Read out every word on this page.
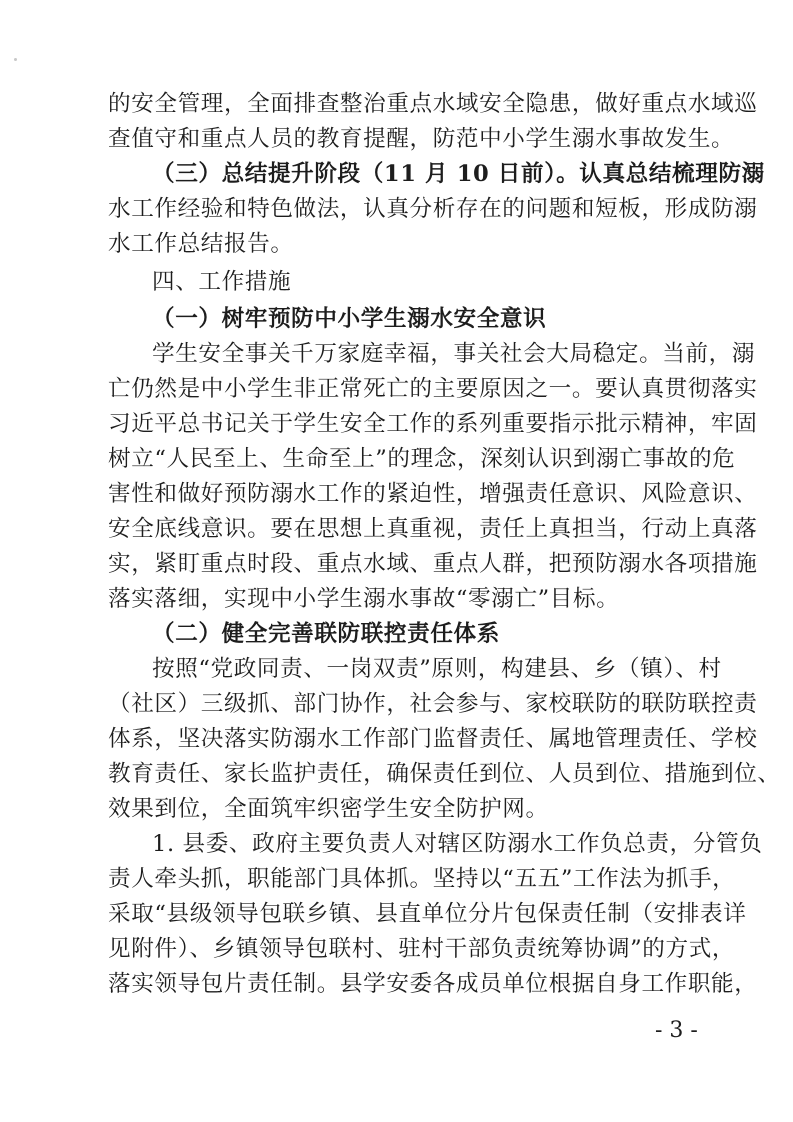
的安全管理，全面排查整治重点水域安全隐患，做好重点水域巡
查值守和重点人员的教育提醒，防范中小学生溺水事故发生。
（三）总结提升阶段（11 月 10 日前）。认真总结梳理防溺
水工作经验和特色做法，认真分析存在的问题和短板，形成防溺
水工作总结报告。
四、工作措施
（一）树牢预防中小学生溺水安全意识
学生安全事关千万家庭幸福，事关社会大局稳定。当前，溺
亡仍然是中小学生非正常死亡的主要原因之一。要认真贯彻落实
习近平总书记关于学生安全工作的系列重要指示批示精神，牢固
树立“人民至上、生命至上”的理念，深刻认识到溺亡事故的危
害性和做好预防溺水工作的紧迫性，增强责任意识、风险意识、
安全底线意识。要在思想上真重视，责任上真担当，行动上真落
实，紧盯重点时段、重点水域、重点人群，把预防溺水各项措施
落实落细，实现中小学生溺水事故“零溺亡”目标。
（二）健全完善联防联控责任体系
按照“党政同责、一岗双责”原则，构建县、乡（镇）、村
（社区）三级抓、部门协作，社会参与、家校联防的联防联控责
体系，坚决落实防溺水工作部门监督责任、属地管理责任、学校
教育责任、家长监护责任，确保责任到位、人员到位、措施到位、
效果到位，全面筑牢织密学生安全防护网。
1. 县委、政府主要负责人对辖区防溺水工作负总责，分管负
责人牵头抓，职能部门具体抓。坚持以“五五”工作法为抓手，
采取“县级领导包联乡镇、县直单位分片包保责任制（安排表详
见附件）、乡镇领导包联村、驻村干部负责统筹协调”的方式，
落实领导包片责任制。县学安委各成员单位根据自身工作职能，
- 3 -
